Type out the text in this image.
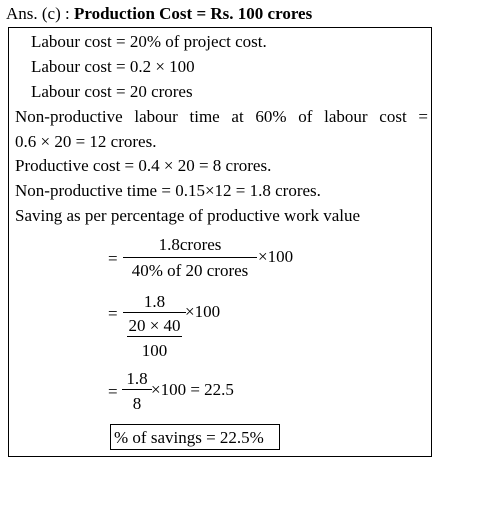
Ans. (c) : Production Cost = Rs. 100 crores
Labour cost = 20% of project cost.
Labour cost = 0.2 × 100
Labour cost = 20 crores
Non-productive labour time at 60% of labour cost =
0.6 × 20 = 12 crores.
Productive cost = 0.4 × 20 = 8 crores.
Non-productive time = 0.15×12 = 1.8 crores.
Saving as per percentage of productive work value
=
1.8crores
40% of 20 crores
×100
=
1.8
20 × 40
100
×100
=
1.8
8
×100 = 22.5
% of savings = 22.5%
